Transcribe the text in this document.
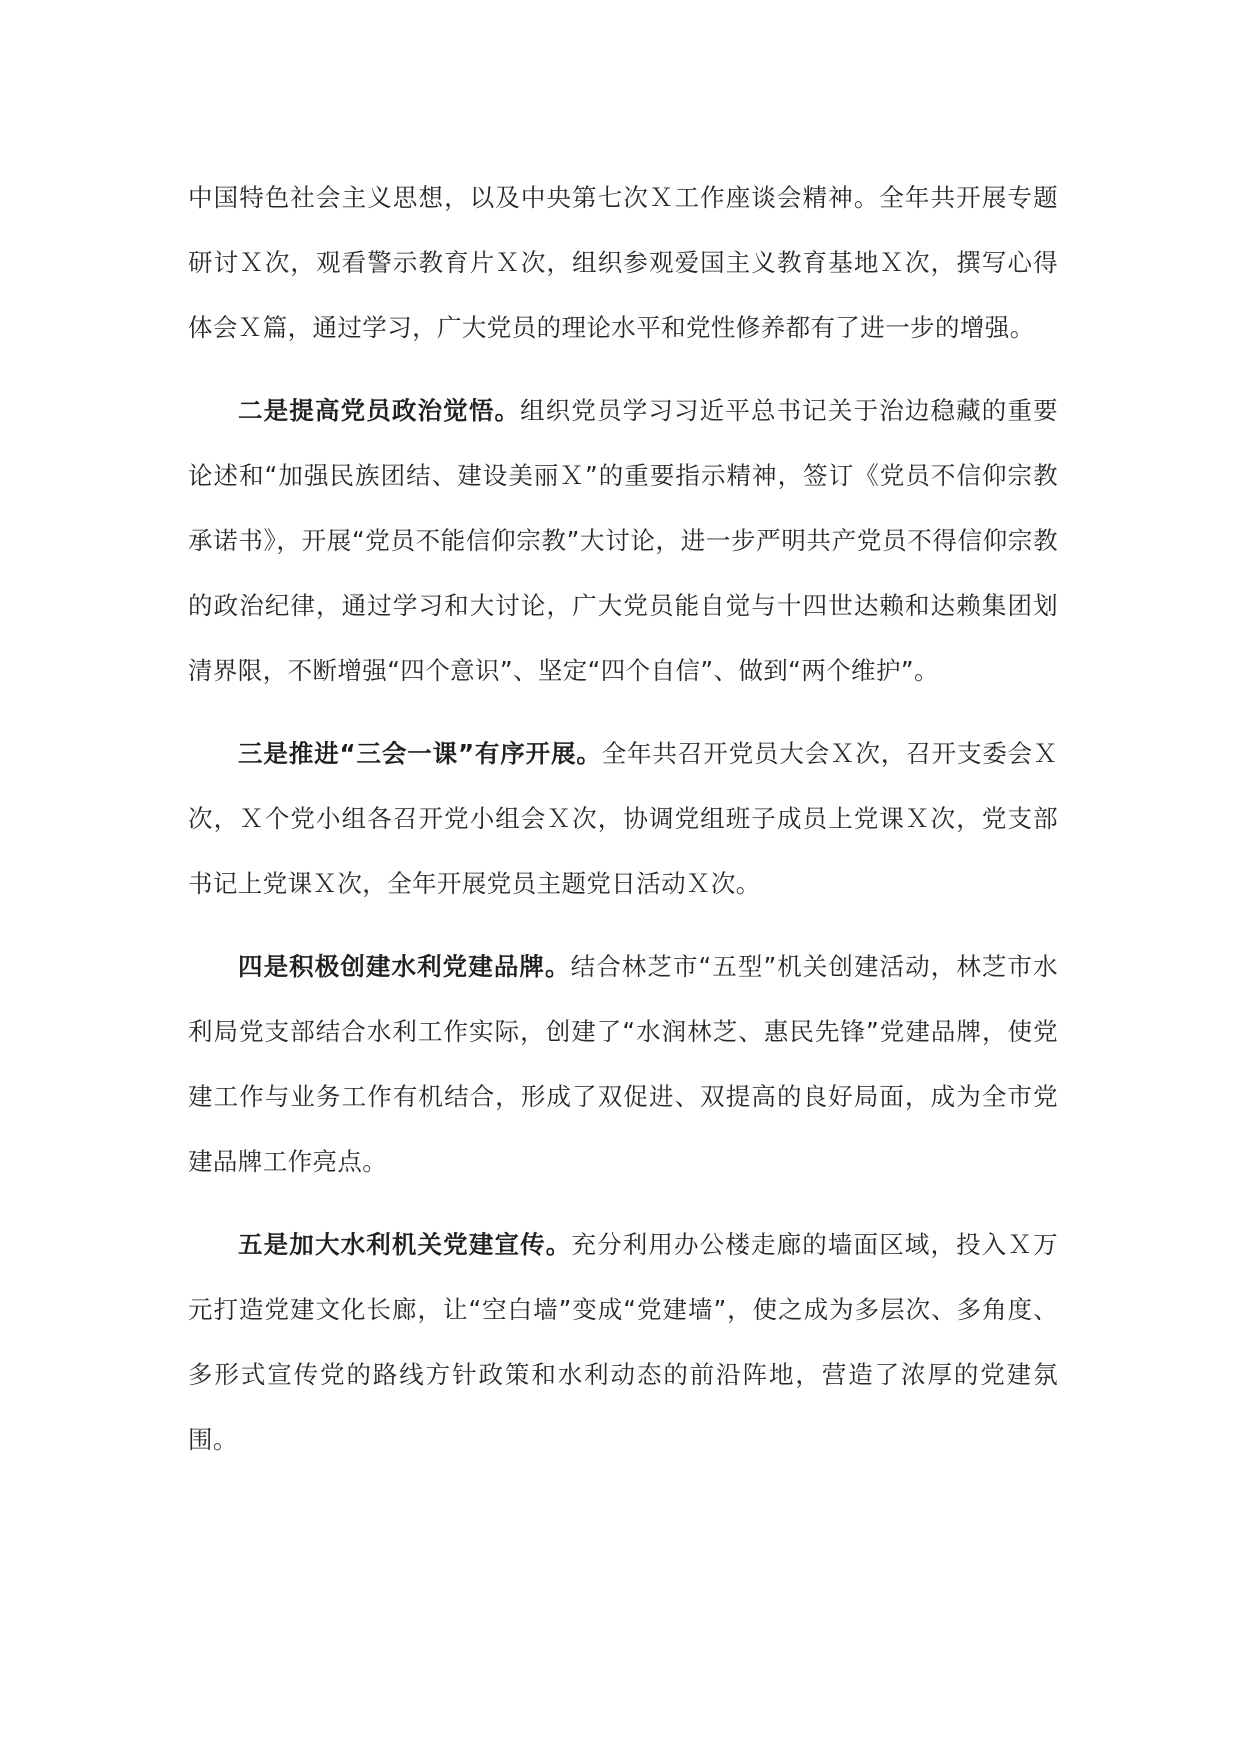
中国特色社会主义思想，以及中央第七次Ｘ工作座谈会精神。全年共开展专题研讨Ｘ次，观看警示教育片Ｘ次，组织参观爱国主义教育基地Ｘ次，撰写心得体会Ｘ篇，通过学习，广大党员的理论水平和党性修养都有了进一步的增强。

二是提高党员政治觉悟。组织党员学习习近平总书记关于治边稳藏的重要论述和“加强民族团结、建设美丽Ｘ”的重要指示精神，签订《党员不信仰宗教承诺书》，开展“党员不能信仰宗教”大讨论，进一步严明共产党员不得信仰宗教的政治纪律，通过学习和大讨论，广大党员能自觉与十四世达赖和达赖集团划清界限，不断增强“四个意识”、坚定“四个自信”、做到“两个维护”。

三是推进“三会一课”有序开展。全年共召开党员大会Ｘ次，召开支委会Ｘ次，Ｘ个党小组各召开党小组会Ｘ次，协调党组班子成员上党课Ｘ次，党支部书记上党课Ｘ次，全年开展党员主题党日活动Ｘ次。

四是积极创建水利党建品牌。结合林芝市“五型”机关创建活动，林芝市水利局党支部结合水利工作实际，创建了“水润林芝、惠民先锋”党建品牌，使党建工作与业务工作有机结合，形成了双促进、双提高的良好局面，成为全市党建品牌工作亮点。

五是加大水利机关党建宣传。充分利用办公楼走廊的墙面区域，投入Ｘ万元打造党建文化长廊，让“空白墙”变成“党建墙”，使之成为多层次、多角度、多形式宣传党的路线方针政策和水利动态的前沿阵地，营造了浓厚的党建氛围。
